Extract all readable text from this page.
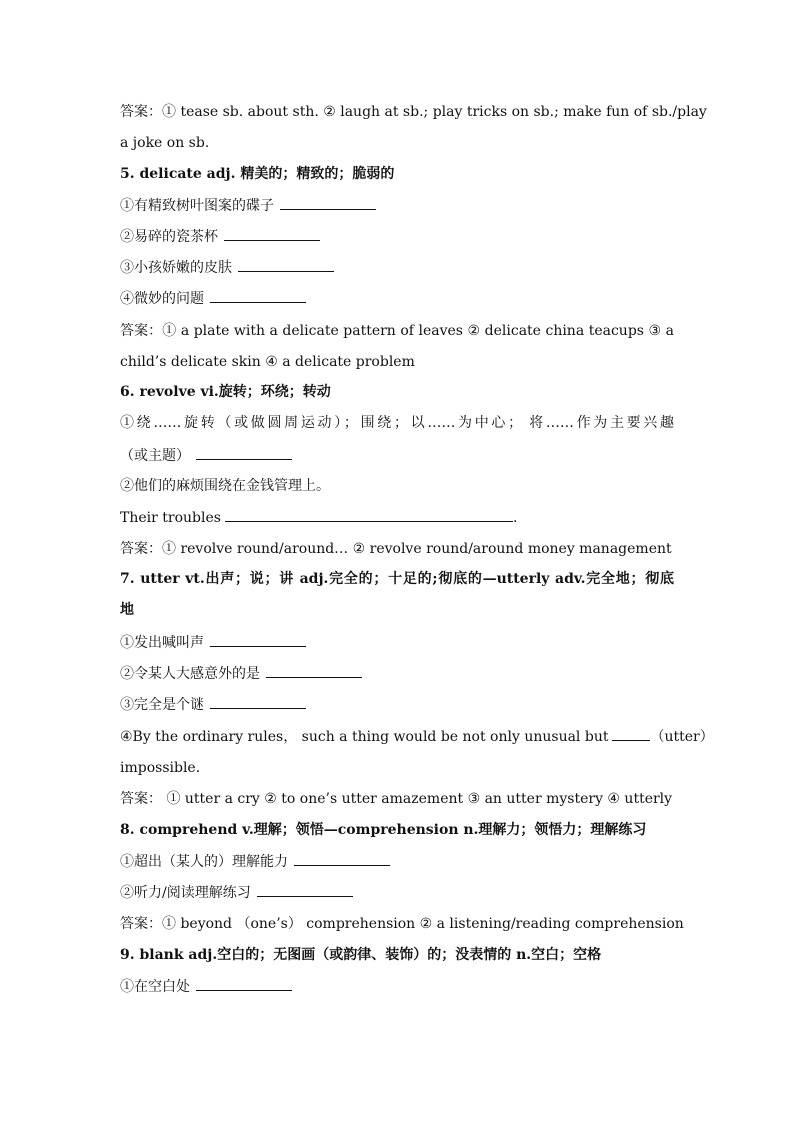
答案：① tease sb. about sth. ② laugh at sb.; play tricks on sb.; make fun of sb./play
a joke on sb.
5. delicate adj. 精美的；精致的；脆弱的
①有精致树叶图案的碟子
②易碎的瓷茶杯
③小孩娇嫩的皮肤
④微妙的问题
答案：① a plate with a delicate pattern of leaves ② delicate china teacups ③ a
child’s delicate skin ④ a delicate problem
6. revolve vi.旋转；环绕；转动
①绕……旋转（或做圆周运动）；围绕；以……为中心； 将……作为主要兴趣
（或主题）
②他们的麻烦围绕在金钱管理上。
Their troubles	.
答案：① revolve round/around… ② revolve round/around money management
7. utter vt.出声；说；讲 adj.完全的；十足的;彻底的—utterly adv.完全地；彻底
地
①发出喊叫声
②令某人大感意外的是
③完全是个谜
④By the ordinary rules， such a thing would be not only unusual but	（utter）
impossible.
答案： ① utter a cry ② to one’s utter amazement ③ an utter mystery ④ utterly
8. comprehend v.理解；领悟—comprehension n.理解力；领悟力；理解练习
①超出（某人的）理解能力
②听力/阅读理解练习
答案：① beyond （one’s） comprehension ② a listening/reading comprehension
9. blank adj.空白的；无图画（或韵律、装饰）的；没表情的 n.空白；空格
①在空白处
